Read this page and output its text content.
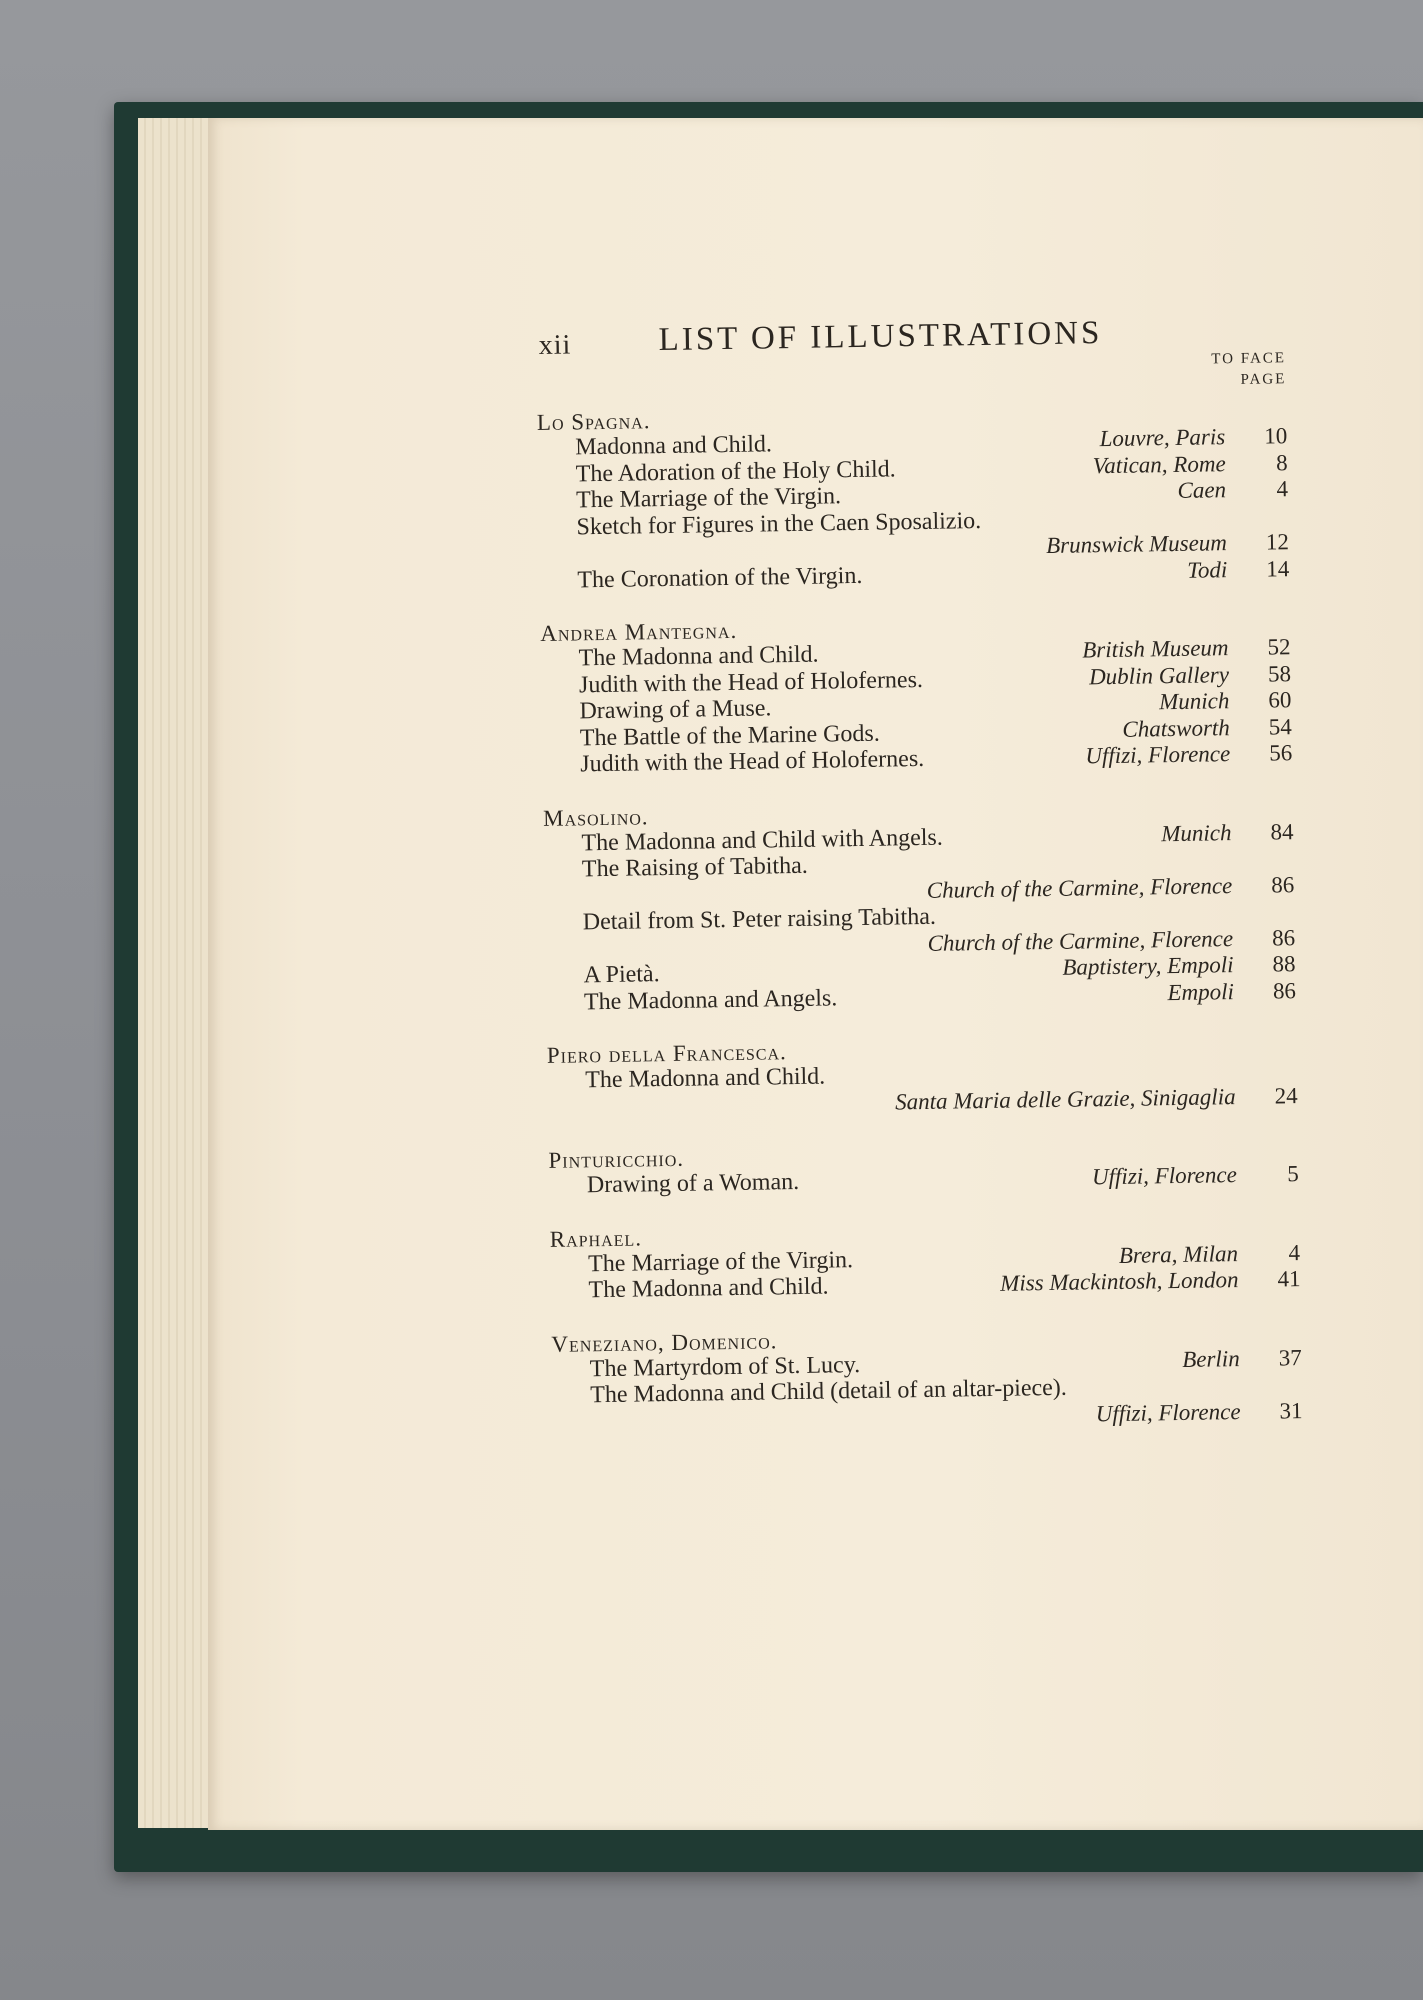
xii	LIST OF ILLUSTRATIONS
TO FACE
PAGE
Lo Spagna.
Madonna and Child.	Louvre, Paris	10
The Adoration of the Holy Child.	Vatican, Rome	8
The Marriage of the Virgin.	Caen	4
Sketch for Figures in the Caen Sposalizio.
Brunswick Museum	12
The Coronation of the Virgin.	Todi	14
Andrea Mantegna.
The Madonna and Child.	British Museum	52
Judith with the Head of Holofernes.	Dublin Gallery	58
Drawing of a Muse.	Munich	60
The Battle of the Marine Gods.	Chatsworth	54
Judith with the Head of Holofernes.	Uffizi, Florence	56
Masolino.
The Madonna and Child with Angels.	Munich	84
The Raising of Tabitha.
Church of the Carmine, Florence	86
Detail from St. Peter raising Tabitha.
Church of the Carmine, Florence	86
A Pietà.	Baptistery, Empoli	88
The Madonna and Angels.	Empoli	86
Piero della Francesca.
The Madonna and Child.
Santa Maria delle Grazie, Sinigaglia	24
Pinturicchio.
Drawing of a Woman.	Uffizi, Florence	5
Raphael.
The Marriage of the Virgin.	Brera, Milan	4
The Madonna and Child.	Miss Mackintosh, London	41
Veneziano, Domenico.
The Martyrdom of St. Lucy.	Berlin	37
The Madonna and Child (detail of an altar-piece).
Uffizi, Florence	31
